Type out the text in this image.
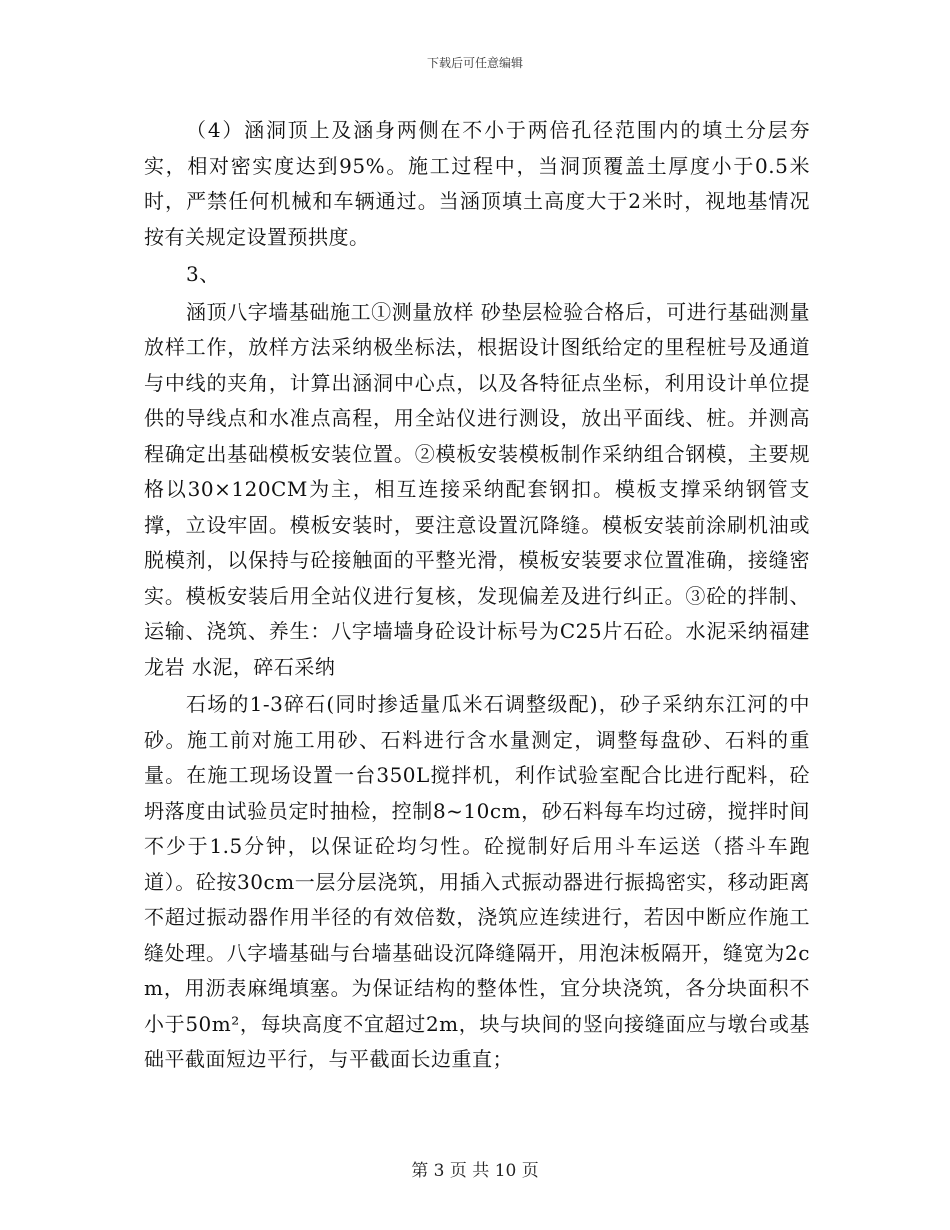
下载后可任意编辑

（4）涵洞顶上及涵身两侧在不小于两倍孔径范围内的填土分层夯实，相对密实度达到95%。施工过程中，当洞顶覆盖土厚度小于0.5米时，严禁任何机械和车辆通过。当涵顶填土高度大于2米时，视地基情况按有关规定设置预拱度。

3、

涵顶八字墙基础施工①测量放样 砂垫层检验合格后，可进行基础测量放样工作，放样方法采纳极坐标法，根据设计图纸给定的里程桩号及通道与中线的夹角，计算出涵洞中心点，以及各特征点坐标，利用设计单位提供的导线点和水准点高程，用全站仪进行测设，放出平面线、桩。并测高程确定出基础模板安装位置。②模板安装模板制作采纳组合钢模，主要规格以30×120CM为主，相互连接采纳配套钢扣。模板支撑采纳钢管支撑，立设牢固。模板安装时，要注意设置沉降缝。模板安装前涂刷机油或脱模剂，以保持与砼接触面的平整光滑，模板安装要求位置准确，接缝密实。模板安装后用全站仪进行复核，发现偏差及进行纠正。③砼的拌制、运输、浇筑、养生：八字墙墙身砼设计标号为C25片石砼。水泥采纳福建龙岩 水泥，碎石采纳

石场的1-3碎石(同时掺适量瓜米石调整级配)，砂子采纳东江河的中砂。施工前对施工用砂、石料进行含水量测定，调整每盘砂、石料的重量。在施工现场设置一台350L搅拌机，利作试验室配合比进行配料，砼坍落度由试验员定时抽检，控制8~10cm，砂石料每车均过磅，搅拌时间不少于1.5分钟，以保证砼均匀性。砼搅制好后用斗车运送（搭斗车跑道）。砼按30cm一层分层浇筑，用插入式振动器进行振捣密实，移动距离不超过振动器作用半径的有效倍数，浇筑应连续进行，若因中断应作施工缝处理。八字墙基础与台墙基础设沉降缝隔开，用泡沫板隔开，缝宽为2cm，用沥表麻绳填塞。为保证结构的整体性，宜分块浇筑，各分块面积不小于50m²，每块高度不宜超过2m，块与块间的竖向接缝面应与墩台或基础平截面短边平行，与平截面长边重直；

第 3 页 共 10 页
